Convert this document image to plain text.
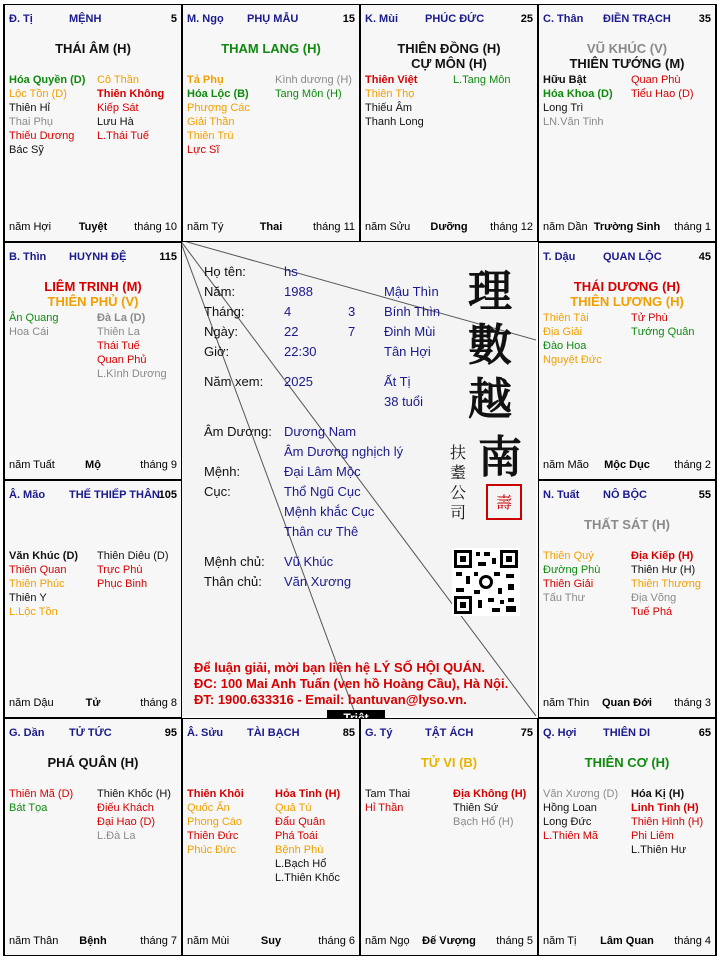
Họ tên:	hs
Năm:	1988	Mậu Thìn
Tháng:	4	3 Bính Thìn
Ngày:	22	7 Đinh Mùi
Giờ:	22:30	Tân Hợi
Năm xem: 2025	Ất Tị
38 tuổi
Âm Dương: Dương Nam
Âm Dương nghịch lý
Mệnh:	Đại Lâm Mộc
Cục:	Thổ Ngũ Cục
Mệnh khắc Cục
Thân cư Thê
Mệnh chủ: Vũ Khúc
Thân chủ: Văn Xương
理
數
越
南
扶
耋
公
司
壽
Để luận giải, mời bạn liên hệ LÝ SỐ HỘI QUÁN.
ĐC: 100 Mai Anh Tuấn (ven hồ Hoàng Cầu), Hà Nội.
ĐT: 1900.633316 - Email: bantuvan@lyso.vn.
Đ. Tị	MỆNH	5
THÁI ÂM (H)
Hóa Quyền (D)
Lộc Tồn (D)
Thiên Hỉ
Thai Phụ
Thiếu Dương
Bác Sỹ
Cô Thần
Thiên Không
Kiếp Sát
Lưu Hà
L.Thái Tuế
năm Hợi	Tuyệt	tháng 10
M. Ngọ PHỤ MẪU	15
THAM LANG (H)
Tả Phụ
Hóa Lộc (B)
Phượng Các
Giải Thần
Thiên Trù
Lực Sĩ
Kình dương (H)
Tang Môn (H)
năm Tý	Thai	tháng 11
K. Mùi PHÚC ĐỨC	25
THIÊN ĐỒNG (H)
CỰ MÔN (H)
Thiên Việt
Thiên Thọ
Thiếu Âm
Thanh Long
L.Tang Môn
năm Sửu	Dưỡng	tháng 12
C. Thân ĐIỀN TRẠCH	35
VŨ KHÚC (V)
THIÊN TƯỚNG (M)
Hữu Bật
Hóa Khoa (D)
Long Trì
LN.Văn Tinh
Quan Phù
Tiểu Hao (D)
năm Dần Trường Sinh	tháng 1
B. Thìn HUYNH ĐỆ	115
LIÊM TRINH (M)
THIÊN PHỦ (V)
Ân Quang
Hoa Cái
Đà La (D)
Thiên La
Thái Tuế
Quan Phủ
L.Kình Dương
năm Tuất	Mộ	tháng 9
T. Dậu	QUAN LỘC	45
THÁI DƯƠNG (H)
THIÊN LƯƠNG (H)
Thiên Tài
Địa Giải
Đào Hoa
Nguyệt Đức
Tử Phù
Tướng Quân
năm Mão	Mộc Dục	tháng 2
Â. Mão THẾ THIẾP THÂN
105
Văn Khúc (D)
Thiên Quan
Thiên Phúc
Thiên Y
L.Lộc Tồn
Thiên Diêu (D)
Trực Phù
Phục Binh
năm Dậu	Tử	tháng 8
N. Tuất NÔ BỘC	55
THẤT SÁT (H)
Thiên Quý
Đường Phù
Thiên Giải
Tấu Thư
Địa Kiếp (H)
Thiên Hư (H)
Thiên Thương
Địa Võng
Tuế Phá
năm Thìn	Quan Đới	tháng 3
G. Dần TỬ TỨC	95
PHÁ QUÂN (H)
Thiên Mã (D)
Bát Tọa
Thiên Khốc (H)
Điếu Khách
Đại Hao (D)
L.Đà La
năm Thân	Bệnh	tháng 7
Â. Sửu TÀI BẠCH	85
Thiên Khôi
Quốc Ấn
Phong Cáo
Thiên Đức
Phúc Đức
Hỏa Tinh (H)
Quả Tú
Đẩu Quân
Phá Toái
Bệnh Phù
L.Bạch Hổ
L.Thiên Khốc
năm Mùi	Suy	tháng 6
G. Tý	TẬT ÁCH	75
TỬ VI (B)
Tam Thai
Hỉ Thần
Địa Không (H)
Thiên Sứ
Bạch Hổ (H)
năm Ngọ	Đế Vượng	tháng 5
Q. Hợi THIÊN DI	65
THIÊN CƠ (H)
Văn Xương (D)
Hồng Loan
Long Đức
L.Thiên Mã
Hóa Kị (H)
Linh Tinh (H)
Thiên Hình (H)
Phi Liêm
L.Thiên Hư
năm Tị	Lâm Quan	tháng 4
